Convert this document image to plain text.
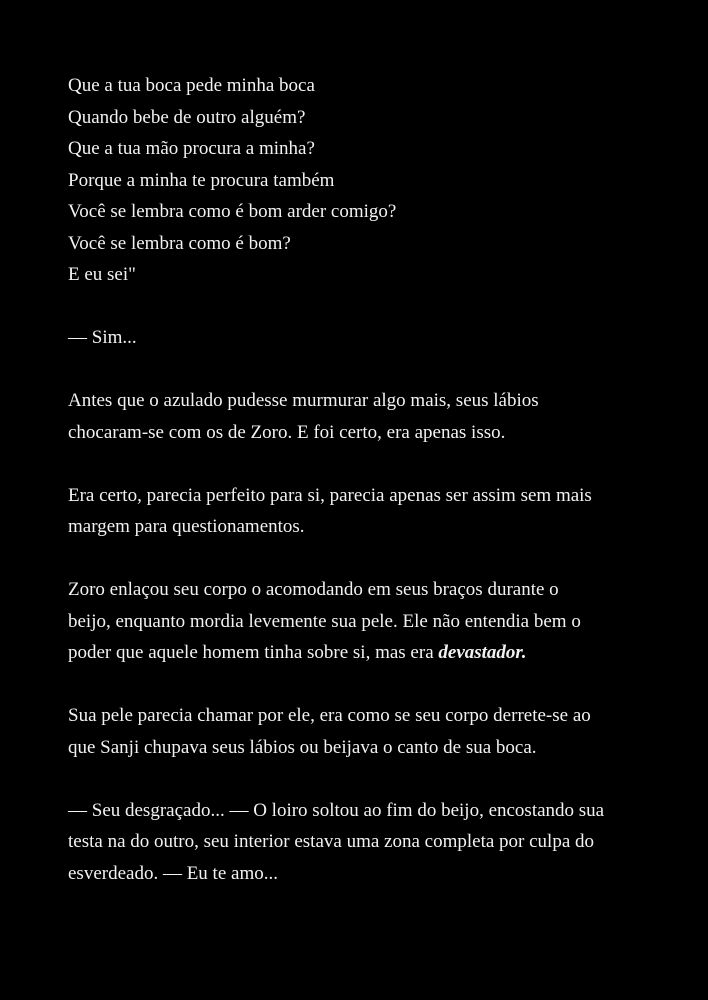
Que a tua boca pede minha boca
Quando bebe de outro alguém?
Que a tua mão procura a minha?
Porque a minha te procura também
Você se lembra como é bom arder comigo?
Você se lembra como é bom?
E eu sei"
— Sim...
Antes que o azulado pudesse murmurar algo mais, seus lábios
chocaram-se com os de Zoro. E foi certo, era apenas isso.
Era certo, parecia perfeito para si, parecia apenas ser assim sem mais
margem para questionamentos.
Zoro enlaçou seu corpo o acomodando em seus braços durante o
beijo, enquanto mordia levemente sua pele. Ele não entendia bem o
poder que aquele homem tinha sobre si, mas era devastador.
Sua pele parecia chamar por ele, era como se seu corpo derrete-se ao
que Sanji chupava seus lábios ou beijava o canto de sua boca.
— Seu desgraçado... — O loiro soltou ao fim do beijo, encostando sua
testa na do outro, seu interior estava uma zona completa por culpa do
esverdeado. — Eu te amo...
